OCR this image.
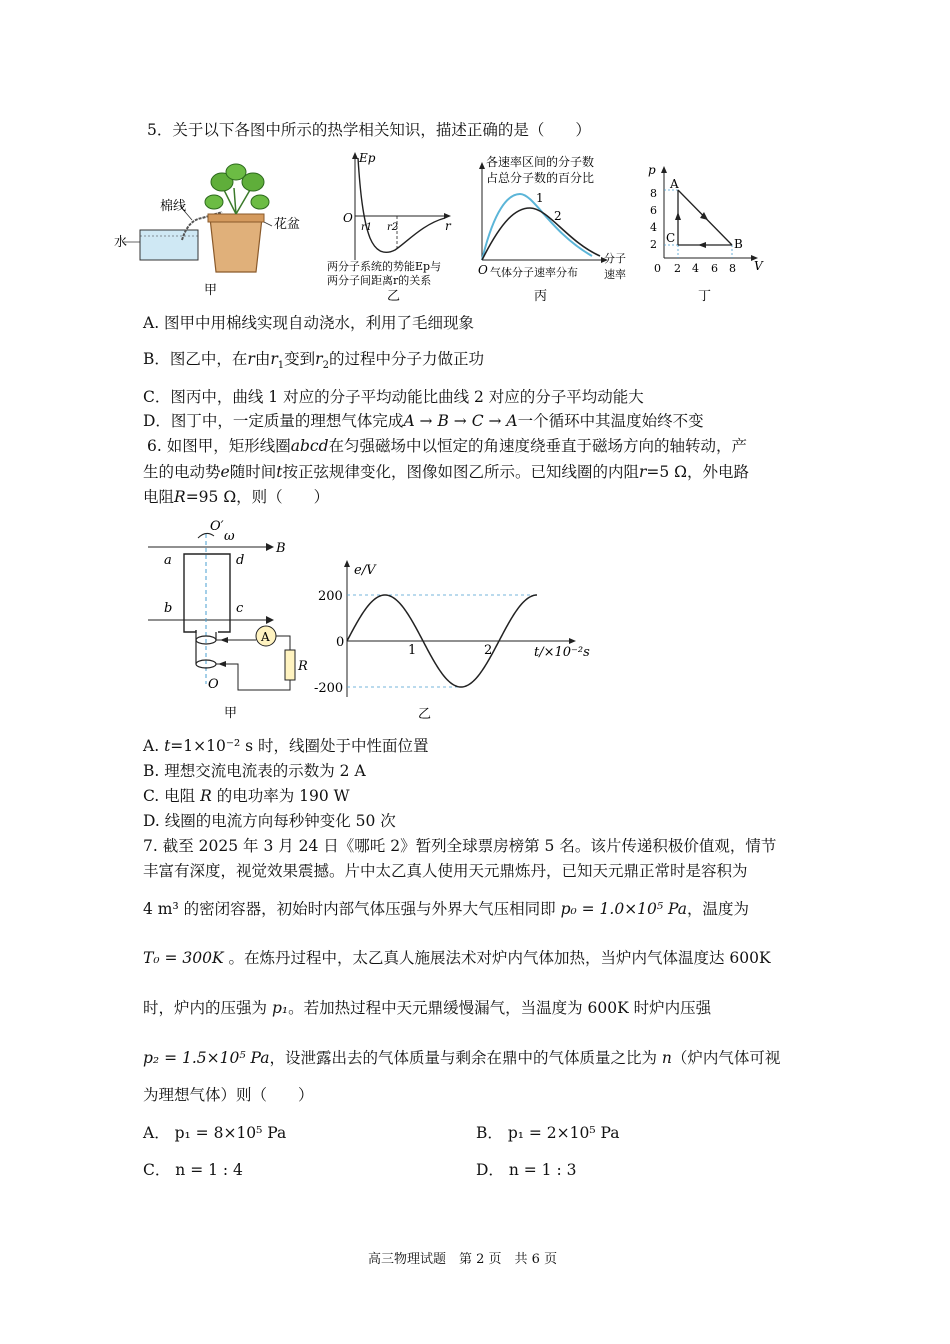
5．关于以下各图中所示的热学相关知识，描述正确的是（　　）
水
棉线
花盆
甲
Ep
O
r
r1 r2
两分子系统的势能Ep与
两分子间距离r的关系
乙
各速率区间的分子数
占总分子数的百分比
1
2
O 气体分子速率分布
分子
速率
丙
p
V
0
8
6
4
2
2 4 6 8
A
B
C
丁
A. 图甲中用棉线实现自动浇水，利用了毛细现象
B．图乙中，在r由$r_1$变到$r_2$的过程中分子力做正功
C．图丙中，曲线 1 对应的分子平均动能比曲线 2 对应的分子平均动能大
D．图丁中，一定质量的理想气体完成A → B → C → A一个循环中其温度始终不变
6. 如图甲，矩形线圈abcd在匀强磁场中以恒定的角速度绕垂直于磁场方向的轴转动，产
生的电动势e随时间t按正弦规律变化，图像如图乙所示。已知线圈的内阻r=5 Ω，外电路
电阻R=95 Ω，则（　　）
O′
ω
B
a	d
b	c
A
R
O
甲
e/V
t/×10⁻²s
200
-200
0
1	2
乙
A. t=1×10⁻² s 时，线圈处于中性面位置
B. 理想交流电流表的示数为 2 A
C. 电阻 R 的电功率为 190 W
D. 线圈的电流方向每秒钟变化 50 次
7. 截至 2025 年 3 月 24 日《哪吒 2》暂列全球票房榜第 5 名。该片传递积极价值观，情节
丰富有深度，视觉效果震撼。片中太乙真人使用天元鼎炼丹，已知天元鼎正常时是容积为
4 m³ 的密闭容器，初始时内部气体压强与外界大气压相同即 p₀ = 1.0×10⁵ Pa，温度为
T₀ = 300K 。在炼丹过程中，太乙真人施展法术对炉内气体加热，当炉内气体温度达 600K
时，炉内的压强为 p₁。若加热过程中天元鼎缓慢漏气，当温度为 600K 时炉内压强
p₂ = 1.5×10⁵ Pa，设泄露出去的气体质量与剩余在鼎中的气体质量之比为 n（炉内气体可视
为理想气体）则（　　）
A． p₁ = 8×10⁵ Pa	B． p₁ = 2×10⁵ Pa
C． n = 1 : 4	D． n = 1 : 3
高三物理试题　第 2 页　共 6 页
